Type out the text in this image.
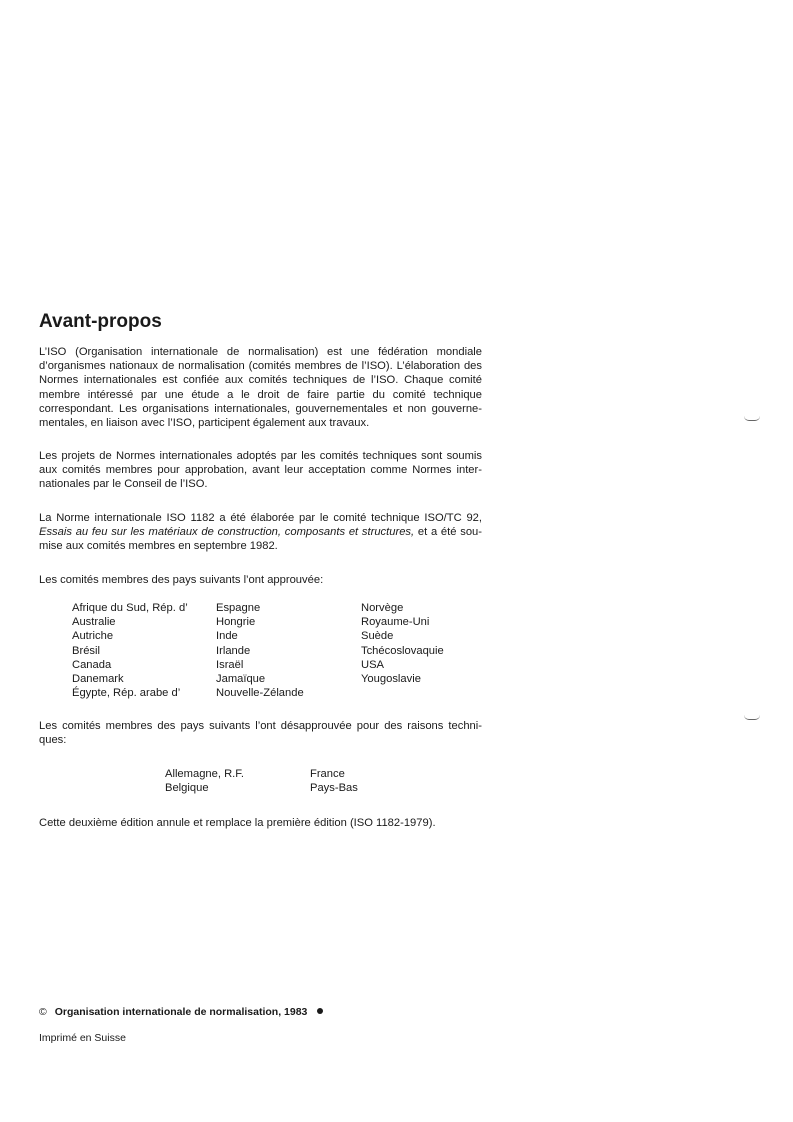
Avant-propos

L’ISO (Organisation internationale de normalisation) est une fédération mondiale d’organismes nationaux de normalisation (comités membres de l’ISO). L’élaboration des Normes internationales est confiée aux comités techniques de l’ISO. Chaque comité membre intéressé par une étude a le droit de faire partie du comité technique correspondant. Les organisations internationales, gouvernementales et non gouverne-mentales, en liaison avec l’ISO, participent également aux travaux.

Les projets de Normes internationales adoptés par les comités techniques sont soumis aux comités membres pour approbation, avant leur acceptation comme Normes inter-nationales par le Conseil de l’ISO.

La Norme internationale ISO 1182 a été élaborée par le comité technique ISO/TC 92, Essais au feu sur les matériaux de construction, composants et structures, et a été sou-mise aux comités membres en septembre 1982.

Les comités membres des pays suivants l’ont approuvée:

Afrique du Sud, Rép. d’
Australie
Autriche
Brésil
Canada
Danemark
Égypte, Rép. arabe d’
Espagne
Hongrie
Inde
Irlande
Israël
Jamaïque
Nouvelle-Zélande
Norvège
Royaume-Uni
Suède
Tchécoslovaquie
USA
Yougoslavie

Les comités membres des pays suivants l’ont désapprouvée pour des raisons techni-ques:

Allemagne, R.F.
Belgique
France
Pays-Bas

Cette deuxième édition annule et remplace la première édition (ISO 1182-1979).

© Organisation internationale de normalisation, 1983
Imprimé en Suisse
